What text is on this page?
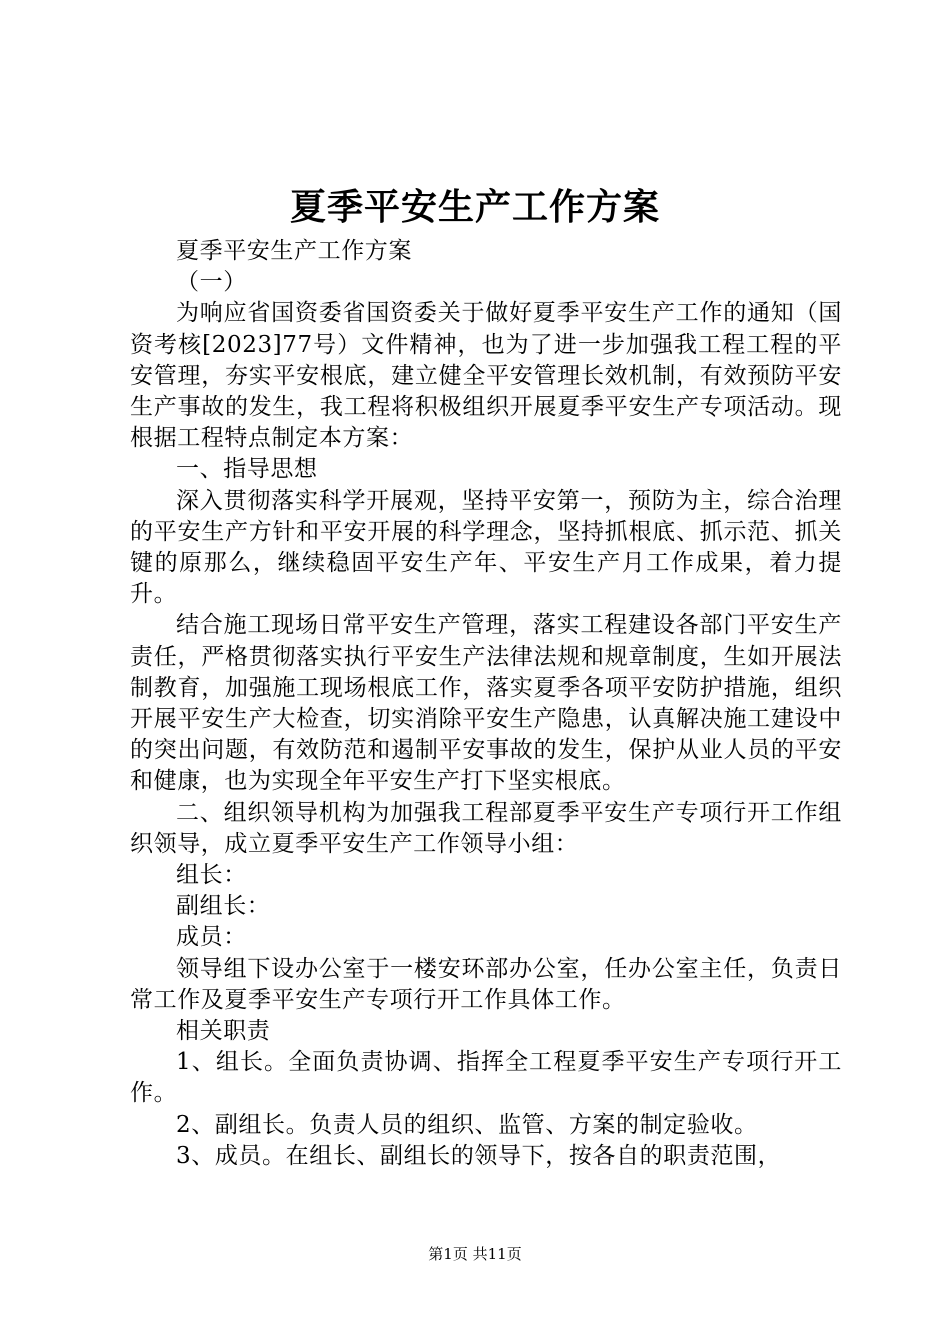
夏季平安生产工作方案

夏季平安生产工作方案

（一）

为响应省国资委省国资委关于做好夏季平安生产工作的通知（国资考核[2023]77号）文件精神，也为了进一步加强我工程工程的平安管理，夯实平安根底，建立健全平安管理长效机制，有效预防平安生产事故的发生，我工程将积极组织开展夏季平安生产专项活动。现根据工程特点制定本方案：

一、指导思想

深入贯彻落实科学开展观，坚持平安第一，预防为主，综合治理的平安生产方针和平安开展的科学理念，坚持抓根底、抓示范、抓关键的原那么，继续稳固平安生产年、平安生产月工作成果，着力提升。

结合施工现场日常平安生产管理，落实工程建设各部门平安生产责任，严格贯彻落实执行平安生产法律法规和规章制度，生如开展法制教育，加强施工现场根底工作，落实夏季各项平安防护措施，组织开展平安生产大检查，切实消除平安生产隐患，认真解决施工建设中的突出问题，有效防范和遏制平安事故的发生，保护从业人员的平安和健康，也为实现全年平安生产打下坚实根底。

二、组织领导机构为加强我工程部夏季平安生产专项行开工作组织领导，成立夏季平安生产工作领导小组：

组长：

副组长：

成员：

领导组下设办公室于一楼安环部办公室，任办公室主任，负责日常工作及夏季平安生产专项行开工作具体工作。

相关职责

1、组长。全面负责协调、指挥全工程夏季平安生产专项行开工作。

2、副组长。负责人员的组织、监管、方案的制定验收。

3、成员。在组长、副组长的领导下，按各自的职责范围，

第1页 共11页
